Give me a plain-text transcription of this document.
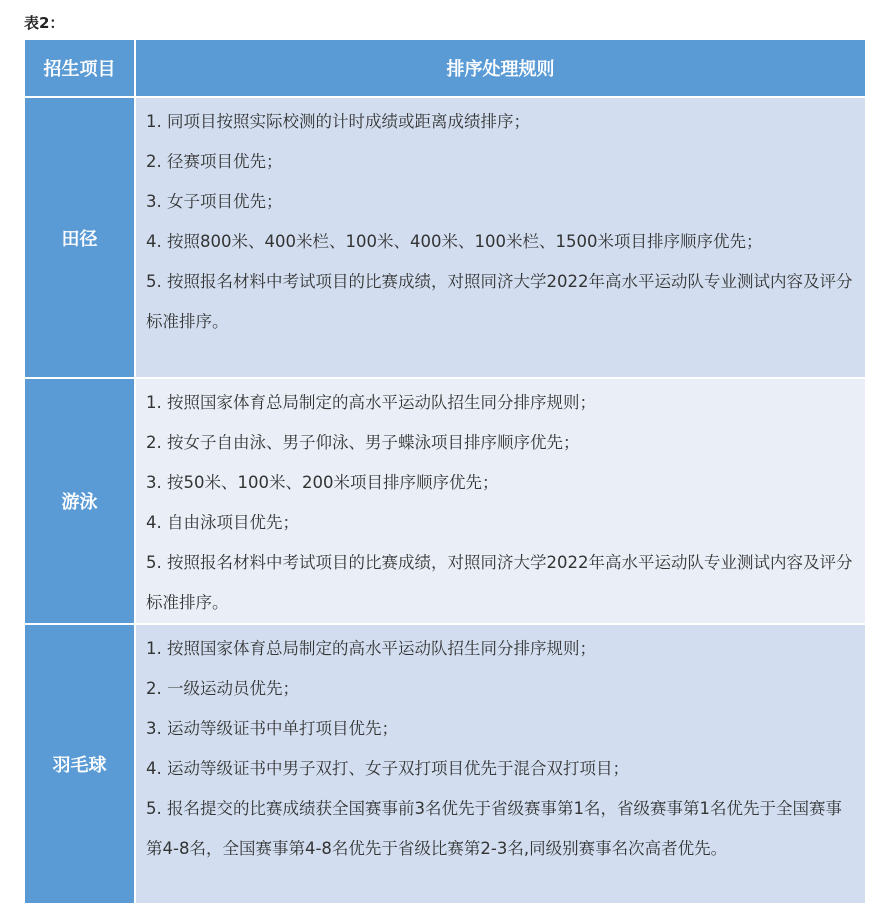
表2：
招生项目	排序处理规则
田径	1. 同项目按照实际校测的计时成绩或距离成绩排序；
2. 径赛项目优先；
3. 女子项目优先；
4. 按照800米、400米栏、100米、400米、100米栏、1500米项目排序顺序优先；
5. 按照报名材料中考试项目的比赛成绩，对照同济大学2022年高水平运动队专业测试内容及评分标准排序。

游泳	1. 按照国家体育总局制定的高水平运动队招生同分排序规则；
2. 按女子自由泳、男子仰泳、男子蝶泳项目排序顺序优先；
3. 按50米、100米、200米项目排序顺序优先；
4. 自由泳项目优先；
5. 按照报名材料中考试项目的比赛成绩，对照同济大学2022年高水平运动队专业测试内容及评分标准排序。

羽毛球	1. 按照国家体育总局制定的高水平运动队招生同分排序规则；
2. 一级运动员优先；
3. 运动等级证书中单打项目优先；
4. 运动等级证书中男子双打、女子双打项目优先于混合双打项目；
5. 报名提交的比赛成绩获全国赛事前3名优先于省级赛事第1名，省级赛事第1名优先于全国赛事第4-8名，全国赛事第4-8名优先于省级比赛第2-3名,同级别赛事名次高者优先。
